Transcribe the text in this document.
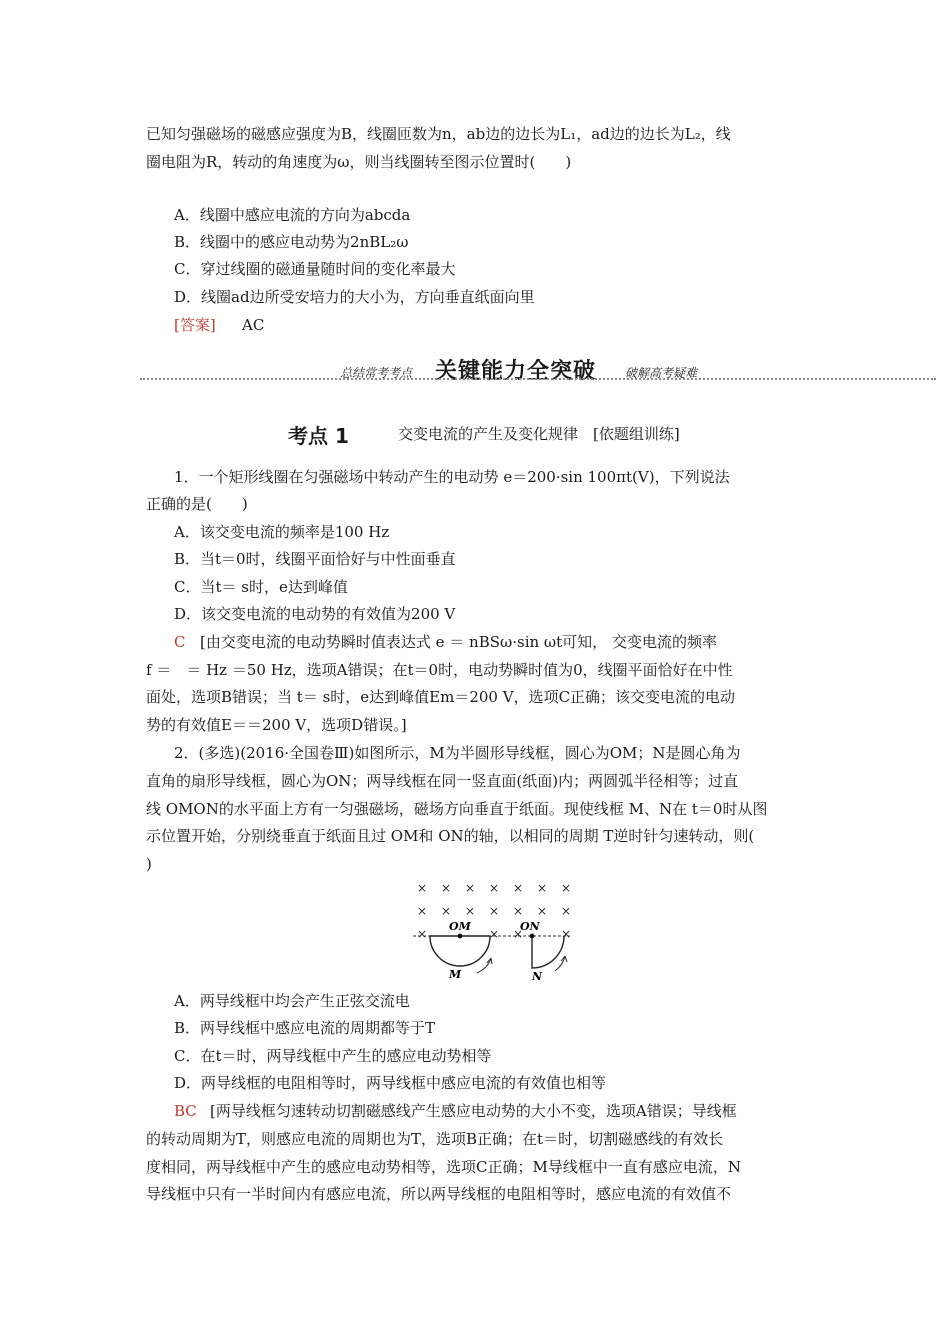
已知匀强磁场的磁感应强度为B，线圈匝数为n，ab边的边长为L₁，ad边的边长为L₂，线
圈电阻为R，转动的角速度为ω，则当线圈转至图示位置时(　　)
A．线圈中感应电流的方向为abcda
B．线圈中的感应电动势为2nBL₂ω
C．穿过线圈的磁通量随时间的变化率最大
D．线圈ad边所受安培力的大小为，方向垂直纸面向里
[答案] AC
总结常考考点 关键能力全突破 破解高考疑难
考点 1	交变电流的产生及变化规律　[依题组训练]
1．一个矩形线圈在匀强磁场中转动产生的电动势 e＝200·sin 100πt(V)，下列说法
正确的是(　　)
A．该交变电流的频率是100 Hz
B．当t＝0时，线圈平面恰好与中性面垂直
C．当t＝ s时，e达到峰值
D．该交变电流的电动势的有效值为200 V
C [由交变电流的电动势瞬时值表达式 e ＝ nBSω·sin ωt可知， 交变电流的频率
f ＝　＝ Hz ＝50 Hz，选项A错误；在t＝0时，电动势瞬时值为0，线圈平面恰好在中性
面处，选项B错误；当 t＝ s时，e达到峰值Em＝200 V，选项C正确；该交变电流的电动
势的有效值E＝＝200 V，选项D错误。]
2．(多选)(2016·全国卷Ⅲ)如图所示，M为半圆形导线框，圆心为OM；N是圆心角为
直角的扇形导线框，圆心为ON；两导线框在同一竖直面(纸面)内；两圆弧半径相等；过直
线 OMON的水平面上方有一匀强磁场，磁场方向垂直于纸面。现使线框 M、N在 t＝0时从图
示位置开始，分别绕垂直于纸面且过 OM和 ON的轴，以相同的周期 T逆时针匀速转动，则(
)
× × × × × × ×
× × × × × × ×
×	× ×	×
OM	ON
M	N
A．两导线框中均会产生正弦交流电
B．两导线框中感应电流的周期都等于T
C．在t＝时，两导线框中产生的感应电动势相等
D．两导线框的电阻相等时，两导线框中感应电流的有效值也相等
BC [两导线框匀速转动切割磁感线产生感应电动势的大小不变，选项A错误；导线框
的转动周期为T，则感应电流的周期也为T，选项B正确；在t＝时，切割磁感线的有效长
度相同，两导线框中产生的感应电动势相等，选项C正确；M导线框中一直有感应电流，N
导线框中只有一半时间内有感应电流，所以两导线框的电阻相等时，感应电流的有效值不
